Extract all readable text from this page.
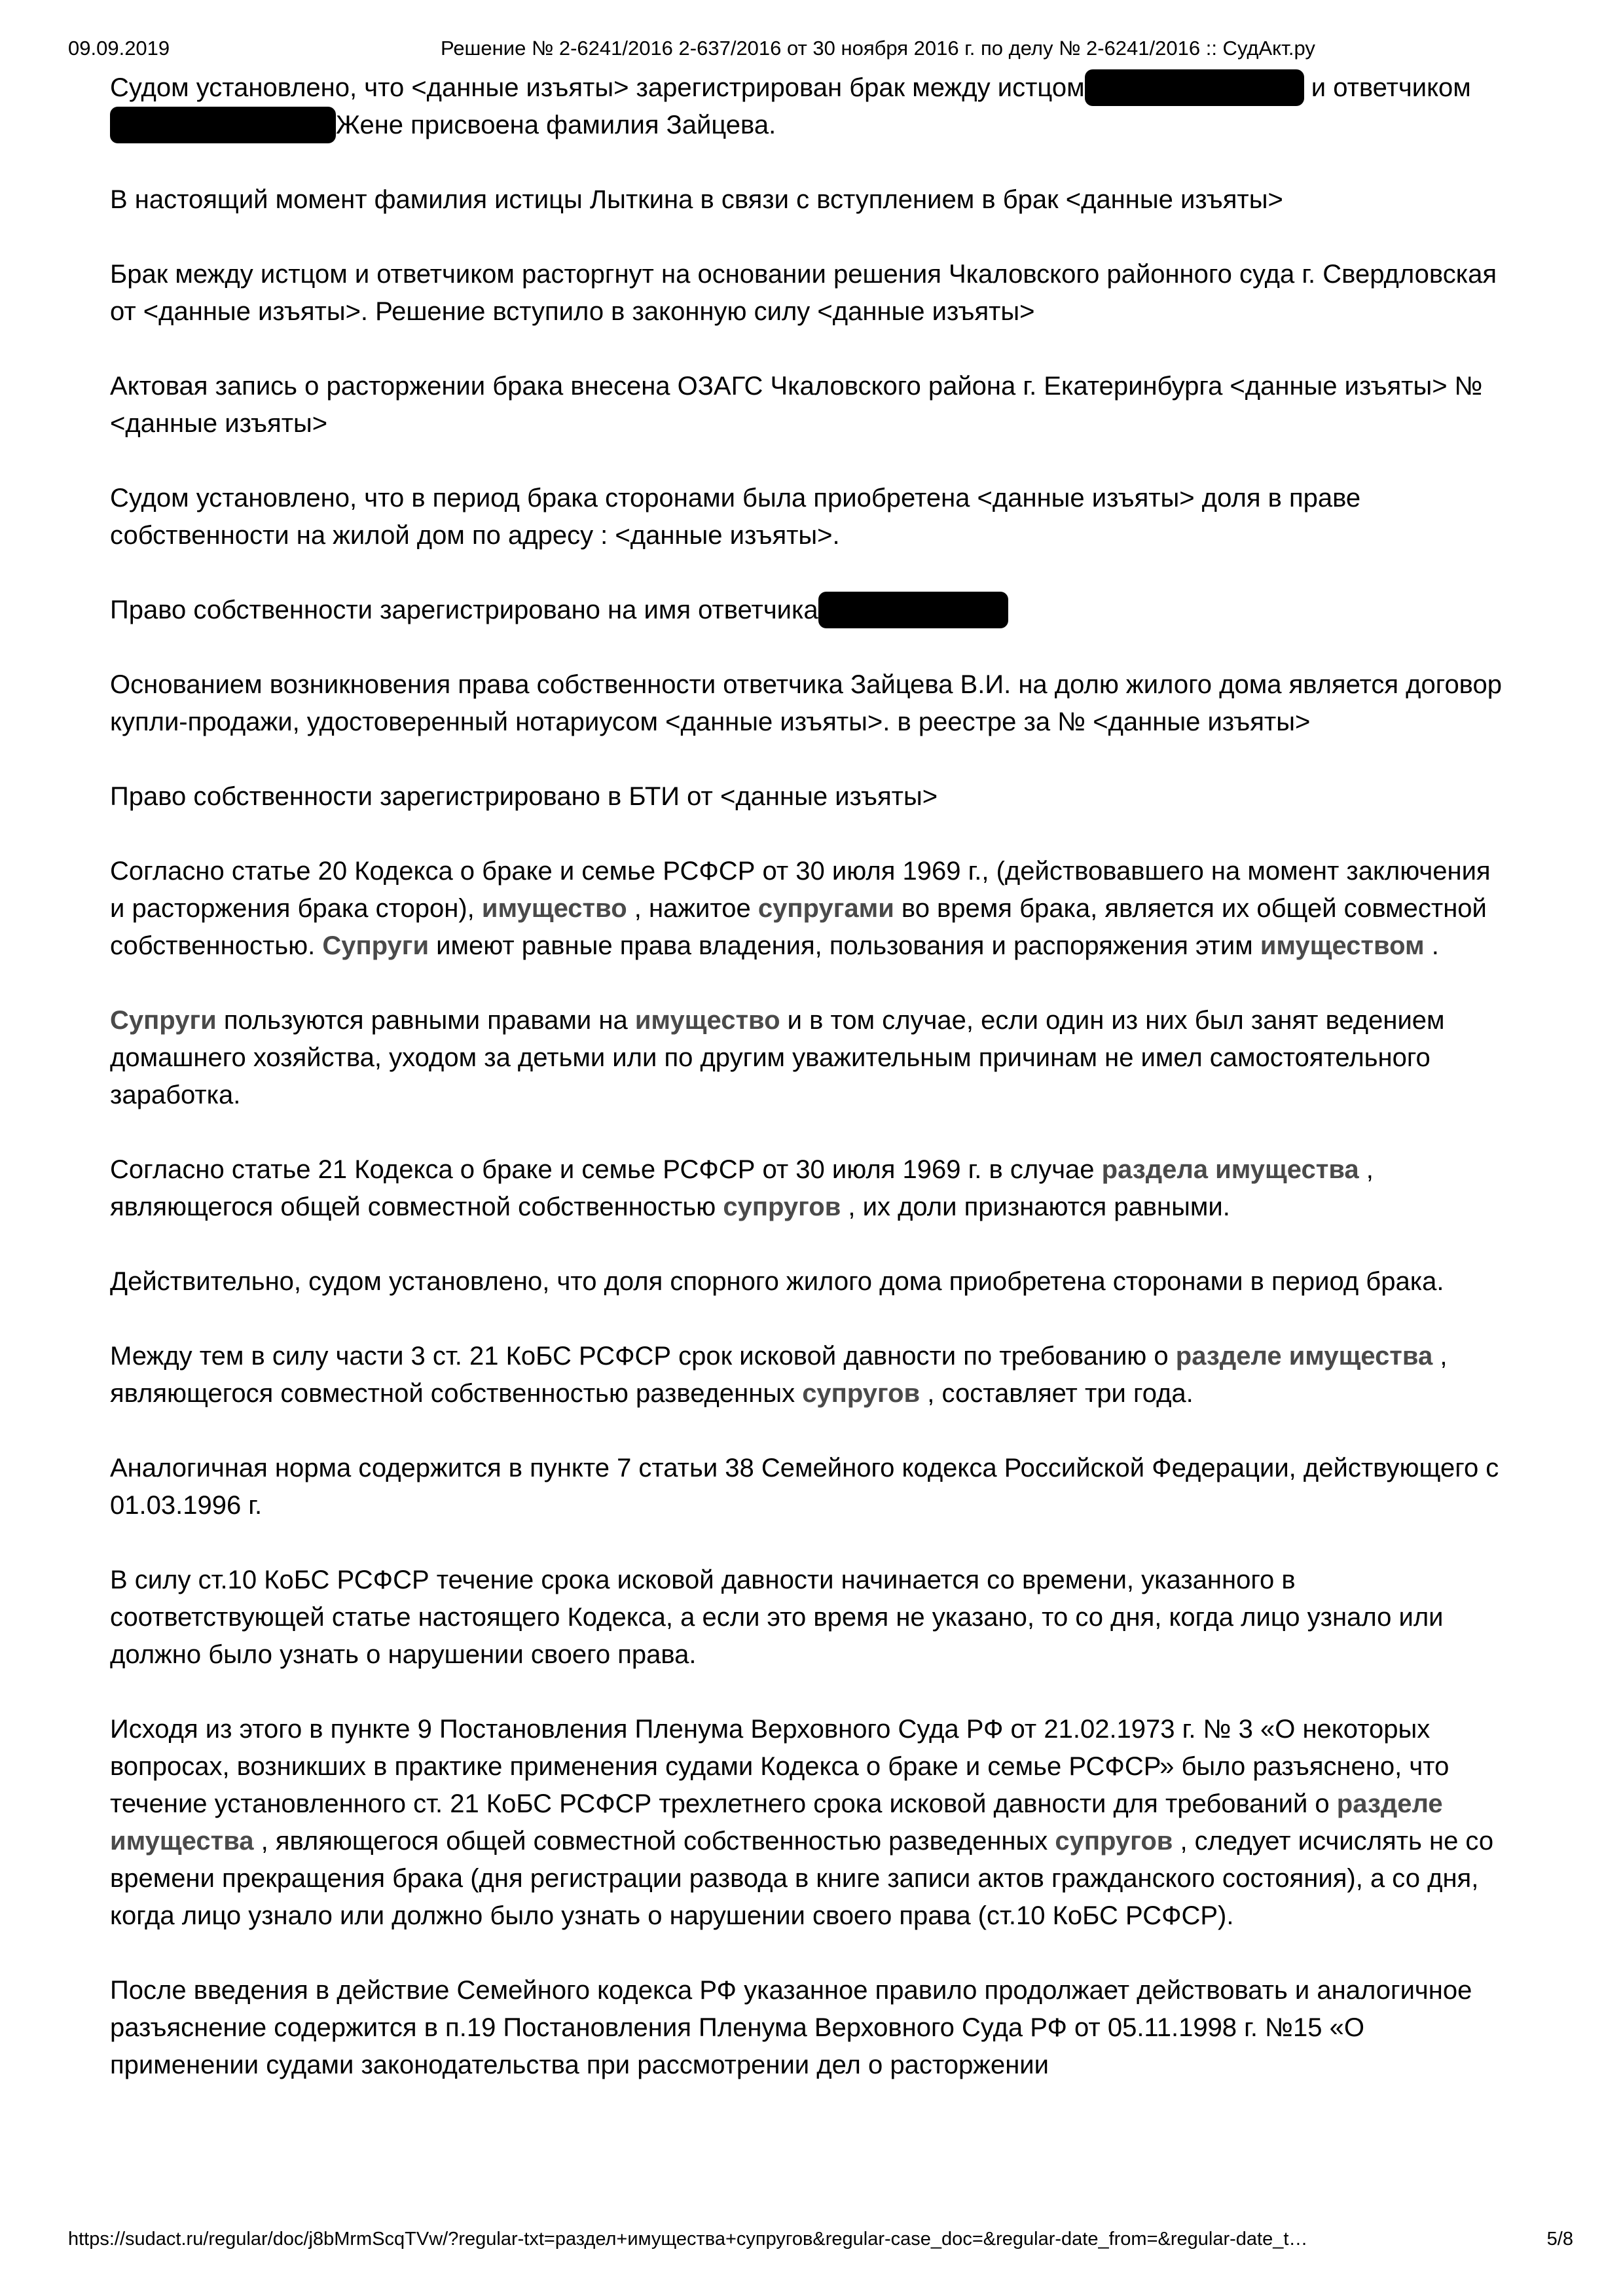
09.09.2019	Решение № 2-6241/2016 2-637/2016 от 30 ноября 2016 г. по делу № 2-6241/2016 :: СудАкт.ру

Судом установлено, что <данные изъяты> зарегистрирован брак между истцом	и ответчикомЖене присвоена фамилия Зайцева.

В настоящий момент фамилия истицы Лыткина в связи с вступлением в брак <данные изъяты>

Брак между истцом и ответчиком расторгнут на основании решения Чкаловского районного суда г. Свердловская от <данные изъяты>. Решение вступило в законную силу <данные изъяты>

Актовая запись о расторжении брака внесена ОЗАГС Чкаловского района г. Екатеринбурга <данные изъяты> № <данные изъяты>

Судом установлено, что в период брака сторонами была приобретена <данные изъяты> доля в праве собственности на жилой дом по адресу : <данные изъяты>.

Право собственности зарегистрировано на имя ответчика

Основанием возникновения права собственности ответчика Зайцева В.И. на долю жилого дома является договор купли-продажи, удостоверенный нотариусом <данные изъяты>. в реестре за № <данные изъяты>

Право собственности зарегистрировано в БТИ от <данные изъяты>

Согласно статье 20 Кодекса о браке и семье РСФСР от 30 июля 1969 г., (действовавшего на момент заключения и расторжения брака сторон), имущество , нажитое супругами во время брака, является их общей совместной собственностью. Супруги имеют равные права владения, пользования и распоряжения этим имуществом .

Супруги пользуются равными правами на имущество и в том случае, если один из них был занят ведением домашнего хозяйства, уходом за детьми или по другим уважительным причинам не имел самостоятельного заработка.

Согласно статье 21 Кодекса о браке и семье РСФСР от 30 июля 1969 г. в случае раздела имущества , являющегося общей совместной собственностью супругов , их доли признаются равными.

Действительно, судом установлено, что доля спорного жилого дома приобретена сторонами в период брака.

Между тем в силу части 3 ст. 21 КоБС РСФСР срок исковой давности по требованию о разделе имущества , являющегося совместной собственностью разведенных супругов , составляет три года.

Аналогичная норма содержится в пункте 7 статьи 38 Семейного кодекса Российской Федерации, действующего с 01.03.1996 г.

В силу ст.10 КоБС РСФСР течение срока исковой давности начинается со времени, указанного в соответствующей статье настоящего Кодекса, а если это время не указано, то со дня, когда лицо узнало или должно было узнать о нарушении своего права.

Исходя из этого в пункте 9 Постановления Пленума Верховного Суда РФ от 21.02.1973 г. № 3 «О некоторых вопросах, возникших в практике применения судами Кодекса о браке и семье РСФСР» было разъяснено, что течение установленного ст. 21 КоБС РСФСР трехлетнего срока исковой давности для требований о разделе имущества , являющегося общей совместной собственностью разведенных супругов , следует исчислять не со времени прекращения брака (дня регистрации развода в книге записи актов гражданского состояния), а со дня, когда лицо узнало или должно было узнать о нарушении своего права (ст.10 КоБС РСФСР).

После введения в действие Семейного кодекса РФ указанное правило продолжает действовать и аналогичное разъяснение содержится в п.19 Постановления Пленума Верховного Суда РФ от 05.11.1998 г. №15 «О применении судами законодательства при рассмотрении дел о расторжении

https://sudact.ru/regular/doc/j8bMrmScqTVw/?regular-txt=раздел+имущества+супругов&regular-case_doc=&regular-date_from=&regular-date_t…	5/8
